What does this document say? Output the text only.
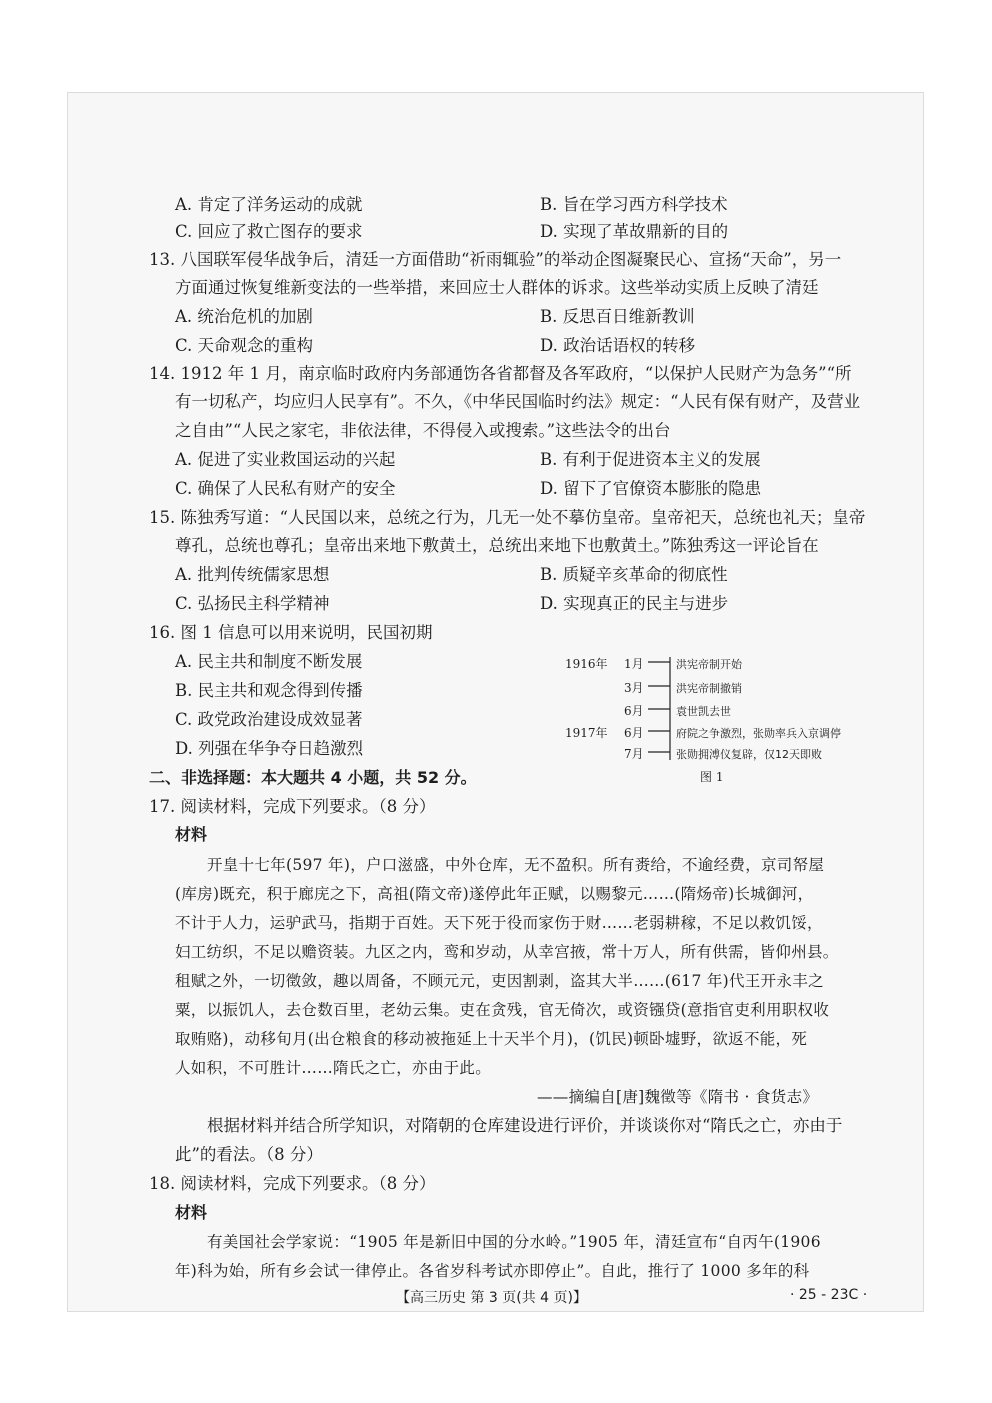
A. 肯定了洋务运动的成就	B. 旨在学习西方科学技术
C. 回应了救亡图存的要求	D. 实现了革故鼎新的目的
13. 八国联军侵华战争后，清廷一方面借助“祈雨辄验”的举动企图凝聚民心、宣扬“天命”，另一
方面通过恢复维新变法的一些举措，来回应士人群体的诉求。这些举动实质上反映了清廷
A. 统治危机的加剧	B. 反思百日维新教训
C. 天命观念的重构	D. 政治话语权的转移
14. 1912 年 1 月，南京临时政府内务部通饬各省都督及各军政府，“以保护人民财产为急务”“所
有一切私产，均应归人民享有”。不久，《中华民国临时约法》规定：“人民有保有财产，及营业
之自由”“人民之家宅，非依法律，不得侵入或搜索。”这些法令的出台
A. 促进了实业救国运动的兴起	B. 有利于促进资本主义的发展
C. 确保了人民私有财产的安全	D. 留下了官僚资本膨胀的隐患
15. 陈独秀写道：“人民国以来，总统之行为，几无一处不摹仿皇帝。皇帝祀天，总统也礼天；皇帝
尊孔，总统也尊孔；皇帝出来地下敷黄土，总统出来地下也敷黄土。”陈独秀这一评论旨在
A. 批判传统儒家思想	B. 质疑辛亥革命的彻底性
C. 弘扬民主科学精神	D. 实现真正的民主与进步
16. 图 1 信息可以用来说明，民国初期
A. 民主共和制度不断发展
B. 民主共和观念得到传播
C. 政党政治建设成效显著
D. 列强在华争夺日趋激烈
1916年
1917年
1月	洪宪帝制开始
3月	洪宪帝制撤销
6月	袁世凯去世
6月	府院之争激烈，张勋率兵入京调停
7月	张勋拥溥仪复辟，仅12天即败
图 1
二、非选择题：本大题共 4 小题，共 52 分。
17. 阅读材料，完成下列要求。（8 分）
材料
开皇十七年(597 年)，户口滋盛，中外仓库，无不盈积。所有赉给，不逾经费，京司帑屋
(库房)既充，积于廊庑之下，高祖(隋文帝)遂停此年正赋，以赐黎元……(隋炀帝)长城御河，
不计于人力，运驴武马，指期于百姓。天下死于役而家伤于财……老弱耕稼，不足以救饥馁，
妇工纺织，不足以赡资装。九区之内，鸾和岁动，从幸宫掖，常十万人，所有供需，皆仰州县。
租赋之外，一切徵敛，趣以周备，不顾元元，吏因割剥，盗其大半……(617 年)代王开永丰之
粟，以振饥人，去仓数百里，老幼云集。吏在贪残，官无倚次，或资镪贷(意指官吏利用职权收
取贿赂)，动移旬月(出仓粮食的移动被拖延上十天半个月)，(饥民)顿卧墟野，欲返不能，死
人如积，不可胜计……隋氏之亡，亦由于此。
——摘编自[唐]魏徵等《隋书 · 食货志》
根据材料并结合所学知识，对隋朝的仓库建设进行评价，并谈谈你对“隋氏之亡，亦由于
此”的看法。（8 分）
18. 阅读材料，完成下列要求。（8 分）
材料
有美国社会学家说：“1905 年是新旧中国的分水岭。”1905 年，清廷宣布“自丙午(1906
年)科为始，所有乡会试一律停止。各省岁科考试亦即停止”。自此，推行了 1000 多年的科
【高三历史 第 3 页(共 4 页)】	· 25 - 23C ·
